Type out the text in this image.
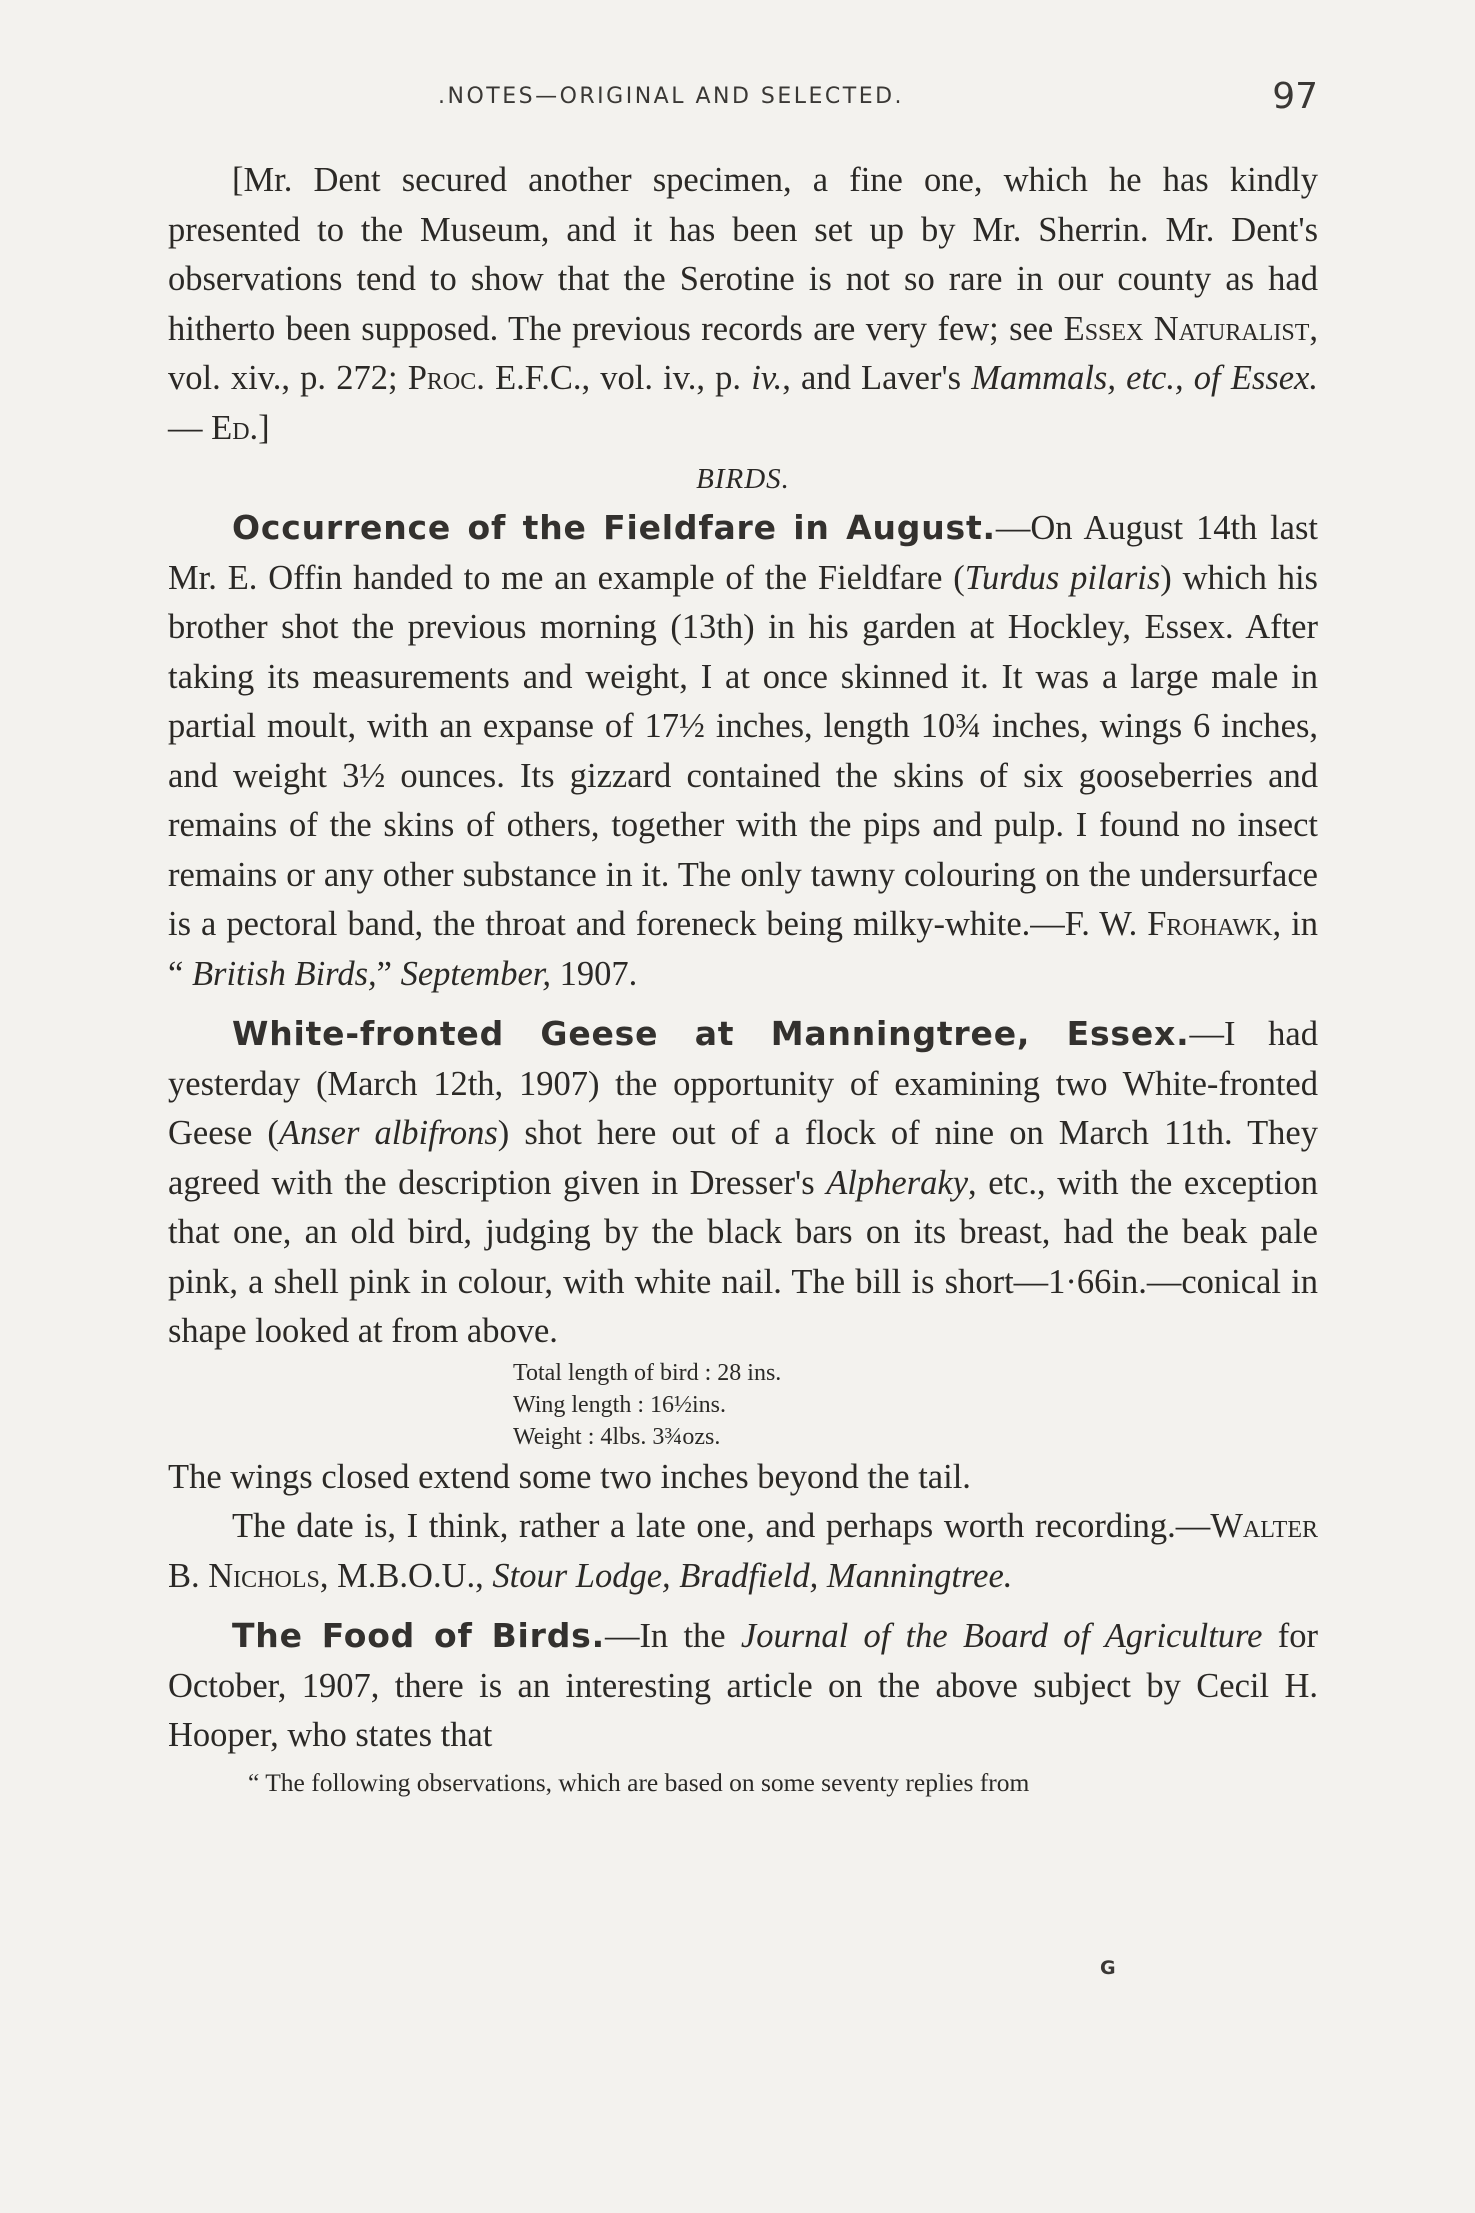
.NOTES—ORIGINAL AND SELECTED.	97

[Mr. Dent secured another specimen, a fine one, which he has kindly presented to the Museum, and it has been set up by Mr. Sherrin. Mr. Dent's observations tend to show that the Serotine is not so rare in our county as had hitherto been supposed. The previous records are very few; see Essex Naturalist, vol. xiv., p. 272; Proc. E.F.C., vol. iv., p. iv., and Laver's Mammals, etc., of Essex.— Ed.]

BIRDS.

Occurrence of the Fieldfare in August.—On August 14th last Mr. E. Offin handed to me an example of the Fieldfare (Turdus pilaris) which his brother shot the previous morning (13th) in his garden at Hockley, Essex. After taking its measurements and weight, I at once skinned it. It was a large male in partial moult, with an expanse of 17½ inches, length 10¾ inches, wings 6 inches, and weight 3½ ounces. Its gizzard contained the skins of six gooseberries and remains of the skins of others, together with the pips and pulp. I found no insect remains or any other substance in it. The only tawny colouring on the undersurface is a pectoral band, the throat and foreneck being milky-white.—F. W. Frohawk, in “ British Birds,” September, 1907.

White-fronted Geese at Manningtree, Essex.—I had yesterday (March 12th, 1907) the opportunity of examining two White-fronted Geese (Anser albifrons) shot here out of a flock of nine on March 11th. They agreed with the description given in Dresser's Alpheraky, etc., with the exception that one, an old bird, judging by the black bars on its breast, had the beak pale pink, a shell pink in colour, with white nail. The bill is short—1·66in.—conical in shape looked at from above.

Total length of bird : 28 ins.
Wing length : 16½ins.
Weight : 4lbs. 3¾ozs.

The wings closed extend some two inches beyond the tail.

The date is, I think, rather a late one, and perhaps worth recording.—Walter B. Nichols, M.B.O.U., Stour Lodge, Bradfield, Manningtree.

The Food of Birds.—In the Journal of the Board of Agriculture for October, 1907, there is an interesting article on the above subject by Cecil H. Hooper, who states that

“ The following observations, which are based on some seventy replies from

G
